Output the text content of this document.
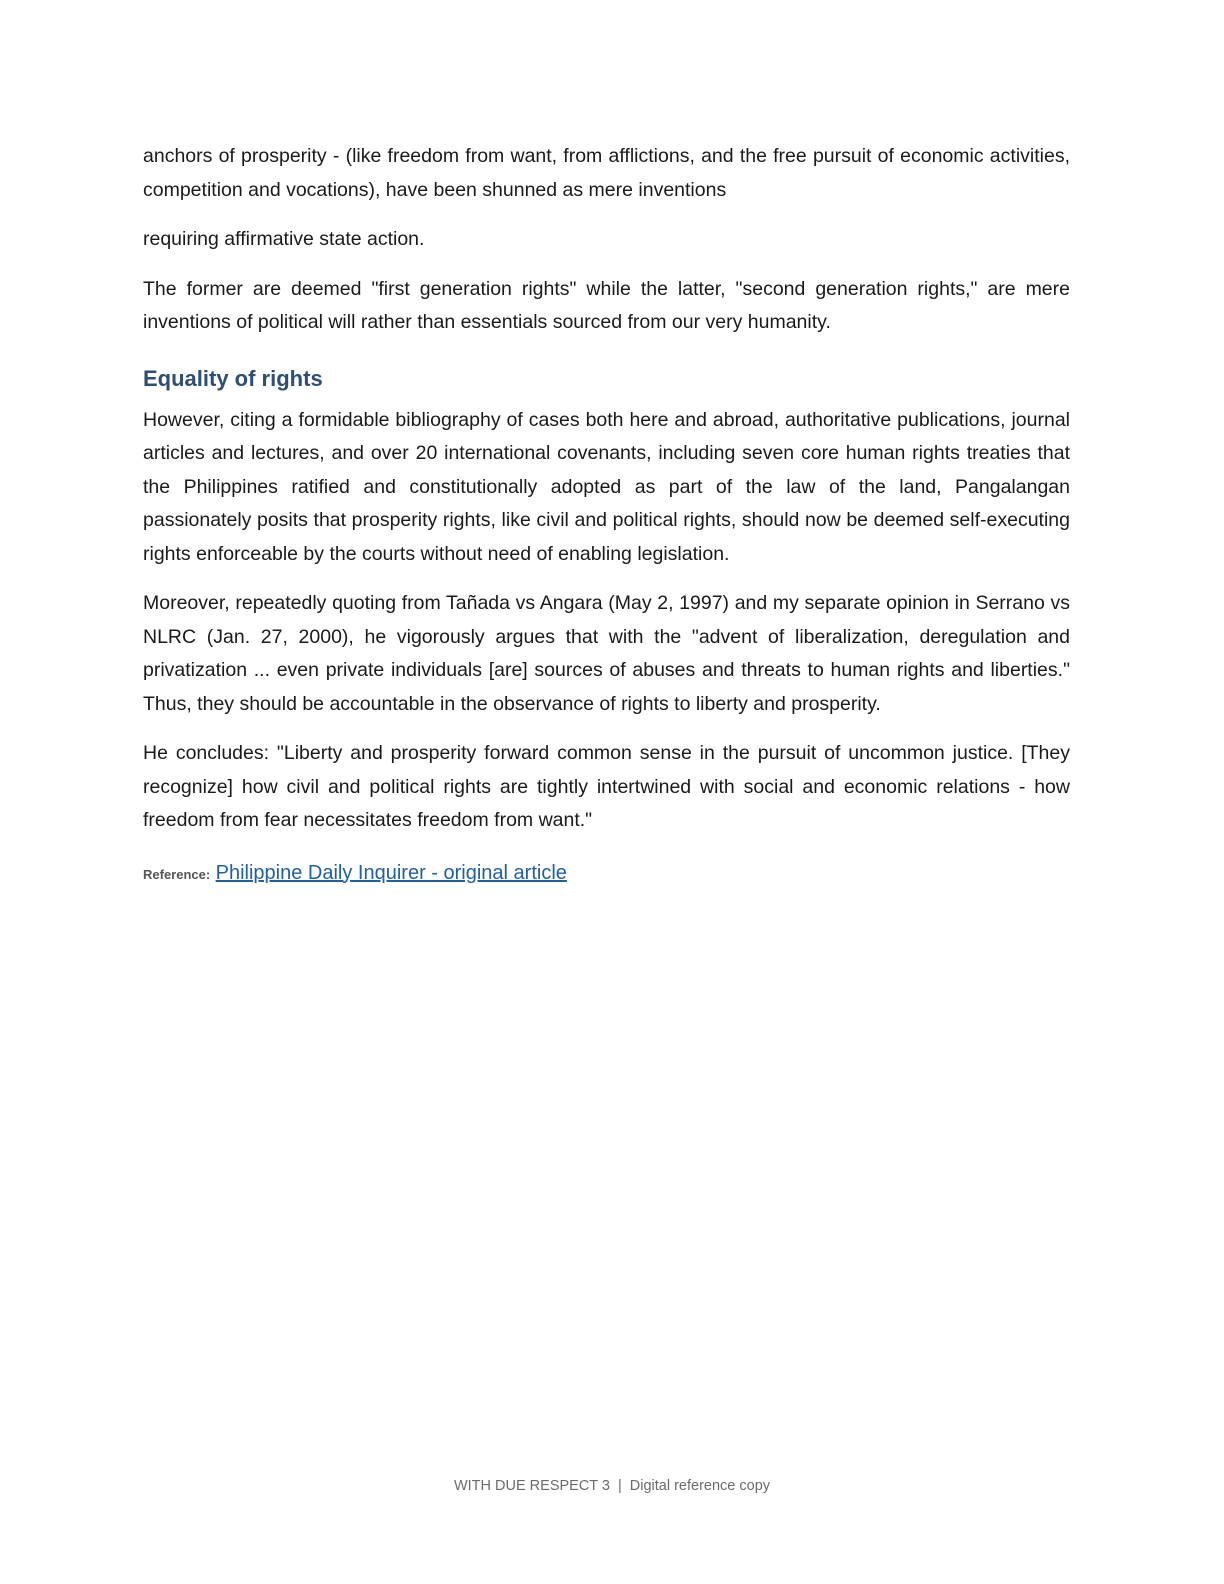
anchors of prosperity - (like freedom from want, from afflictions, and the free pursuit of economic activities, competition and vocations), have been shunned as mere inventions

requiring affirmative state action.

The former are deemed "first generation rights" while the latter, "second generation rights," are mere inventions of political will rather than essentials sourced from our very humanity.

Equality of rights

However, citing a formidable bibliography of cases both here and abroad, authoritative publications, journal articles and lectures, and over 20 international covenants, including seven core human rights treaties that the Philippines ratified and constitutionally adopted as part of the law of the land, Pangalangan passionately posits that prosperity rights, like civil and political rights, should now be deemed self-executing rights enforceable by the courts without need of enabling legislation.

Moreover, repeatedly quoting from Tañada vs Angara (May 2, 1997) and my separate opinion in Serrano vs NLRC (Jan. 27, 2000), he vigorously argues that with the "advent of liberalization, deregulation and privatization ... even private individuals [are] sources of abuses and threats to human rights and liberties." Thus, they should be accountable in the observance of rights to liberty and prosperity.

He concludes: "Liberty and prosperity forward common sense in the pursuit of uncommon justice. [They recognize] how civil and political rights are tightly intertwined with social and economic relations - how freedom from fear necessitates freedom from want."

Reference: Philippine Daily Inquirer - original article
WITH DUE RESPECT 3 | Digital reference copy
